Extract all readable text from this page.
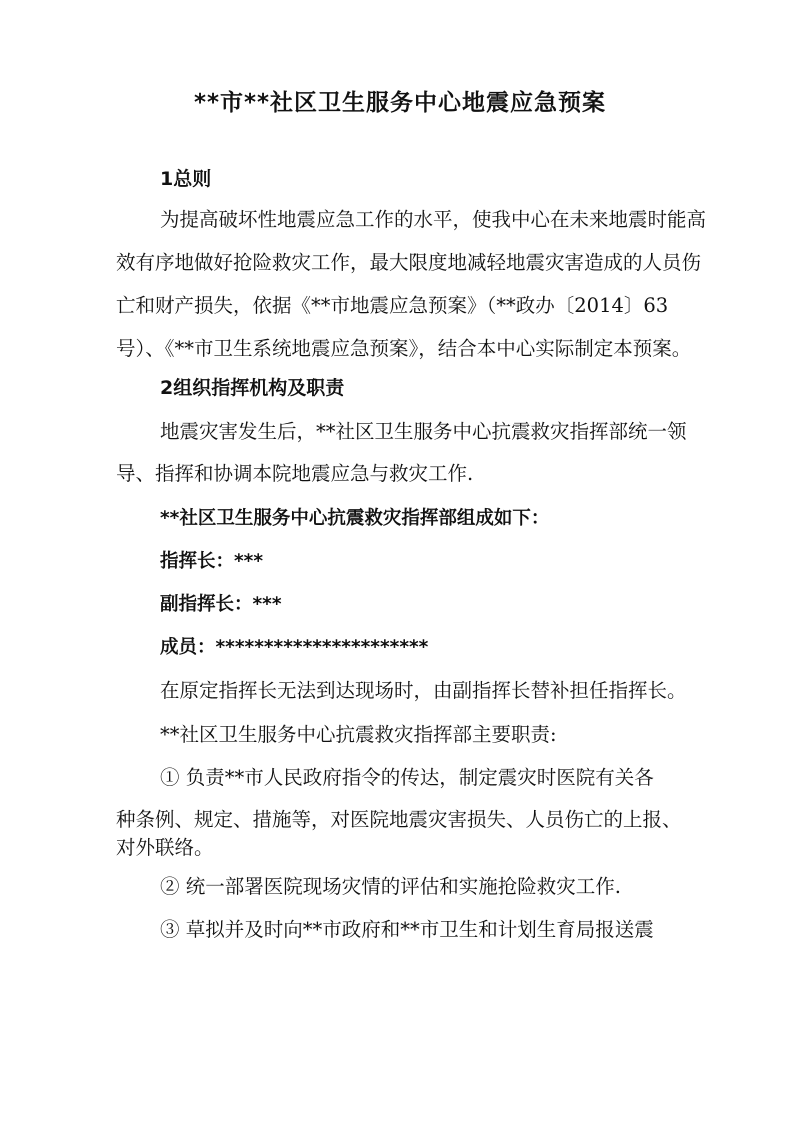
**市**社区卫生服务中心地震应急预案
1总则
为提高破坏性地震应急工作的水平，使我中心在未来地震时能高
效有序地做好抢险救灾工作，最大限度地减轻地震灾害造成的人员伤
亡和财产损失，依据《**市地震应急预案》（**政办〔2014〕63
号）、《**市卫生系统地震应急预案》，结合本中心实际制定本预案。
2组织指挥机构及职责
地震灾害发生后，**社区卫生服务中心抗震救灾指挥部统一领
导、指挥和协调本院地震应急与救灾工作.
**社区卫生服务中心抗震救灾指挥部组成如下：
指挥长：***
副指挥长：***
成员：**********************
在原定指挥长无法到达现场时，由副指挥长替补担任指挥长。
**社区卫生服务中心抗震救灾指挥部主要职责:
① 负责**市人民政府指令的传达，制定震灾时医院有关各
种条例、规定、措施等，对医院地震灾害损失、人员伤亡的上报、
对外联络。
② 统一部署医院现场灾情的评估和实施抢险救灾工作.
③ 草拟并及时向**市政府和**市卫生和计划生育局报送震
